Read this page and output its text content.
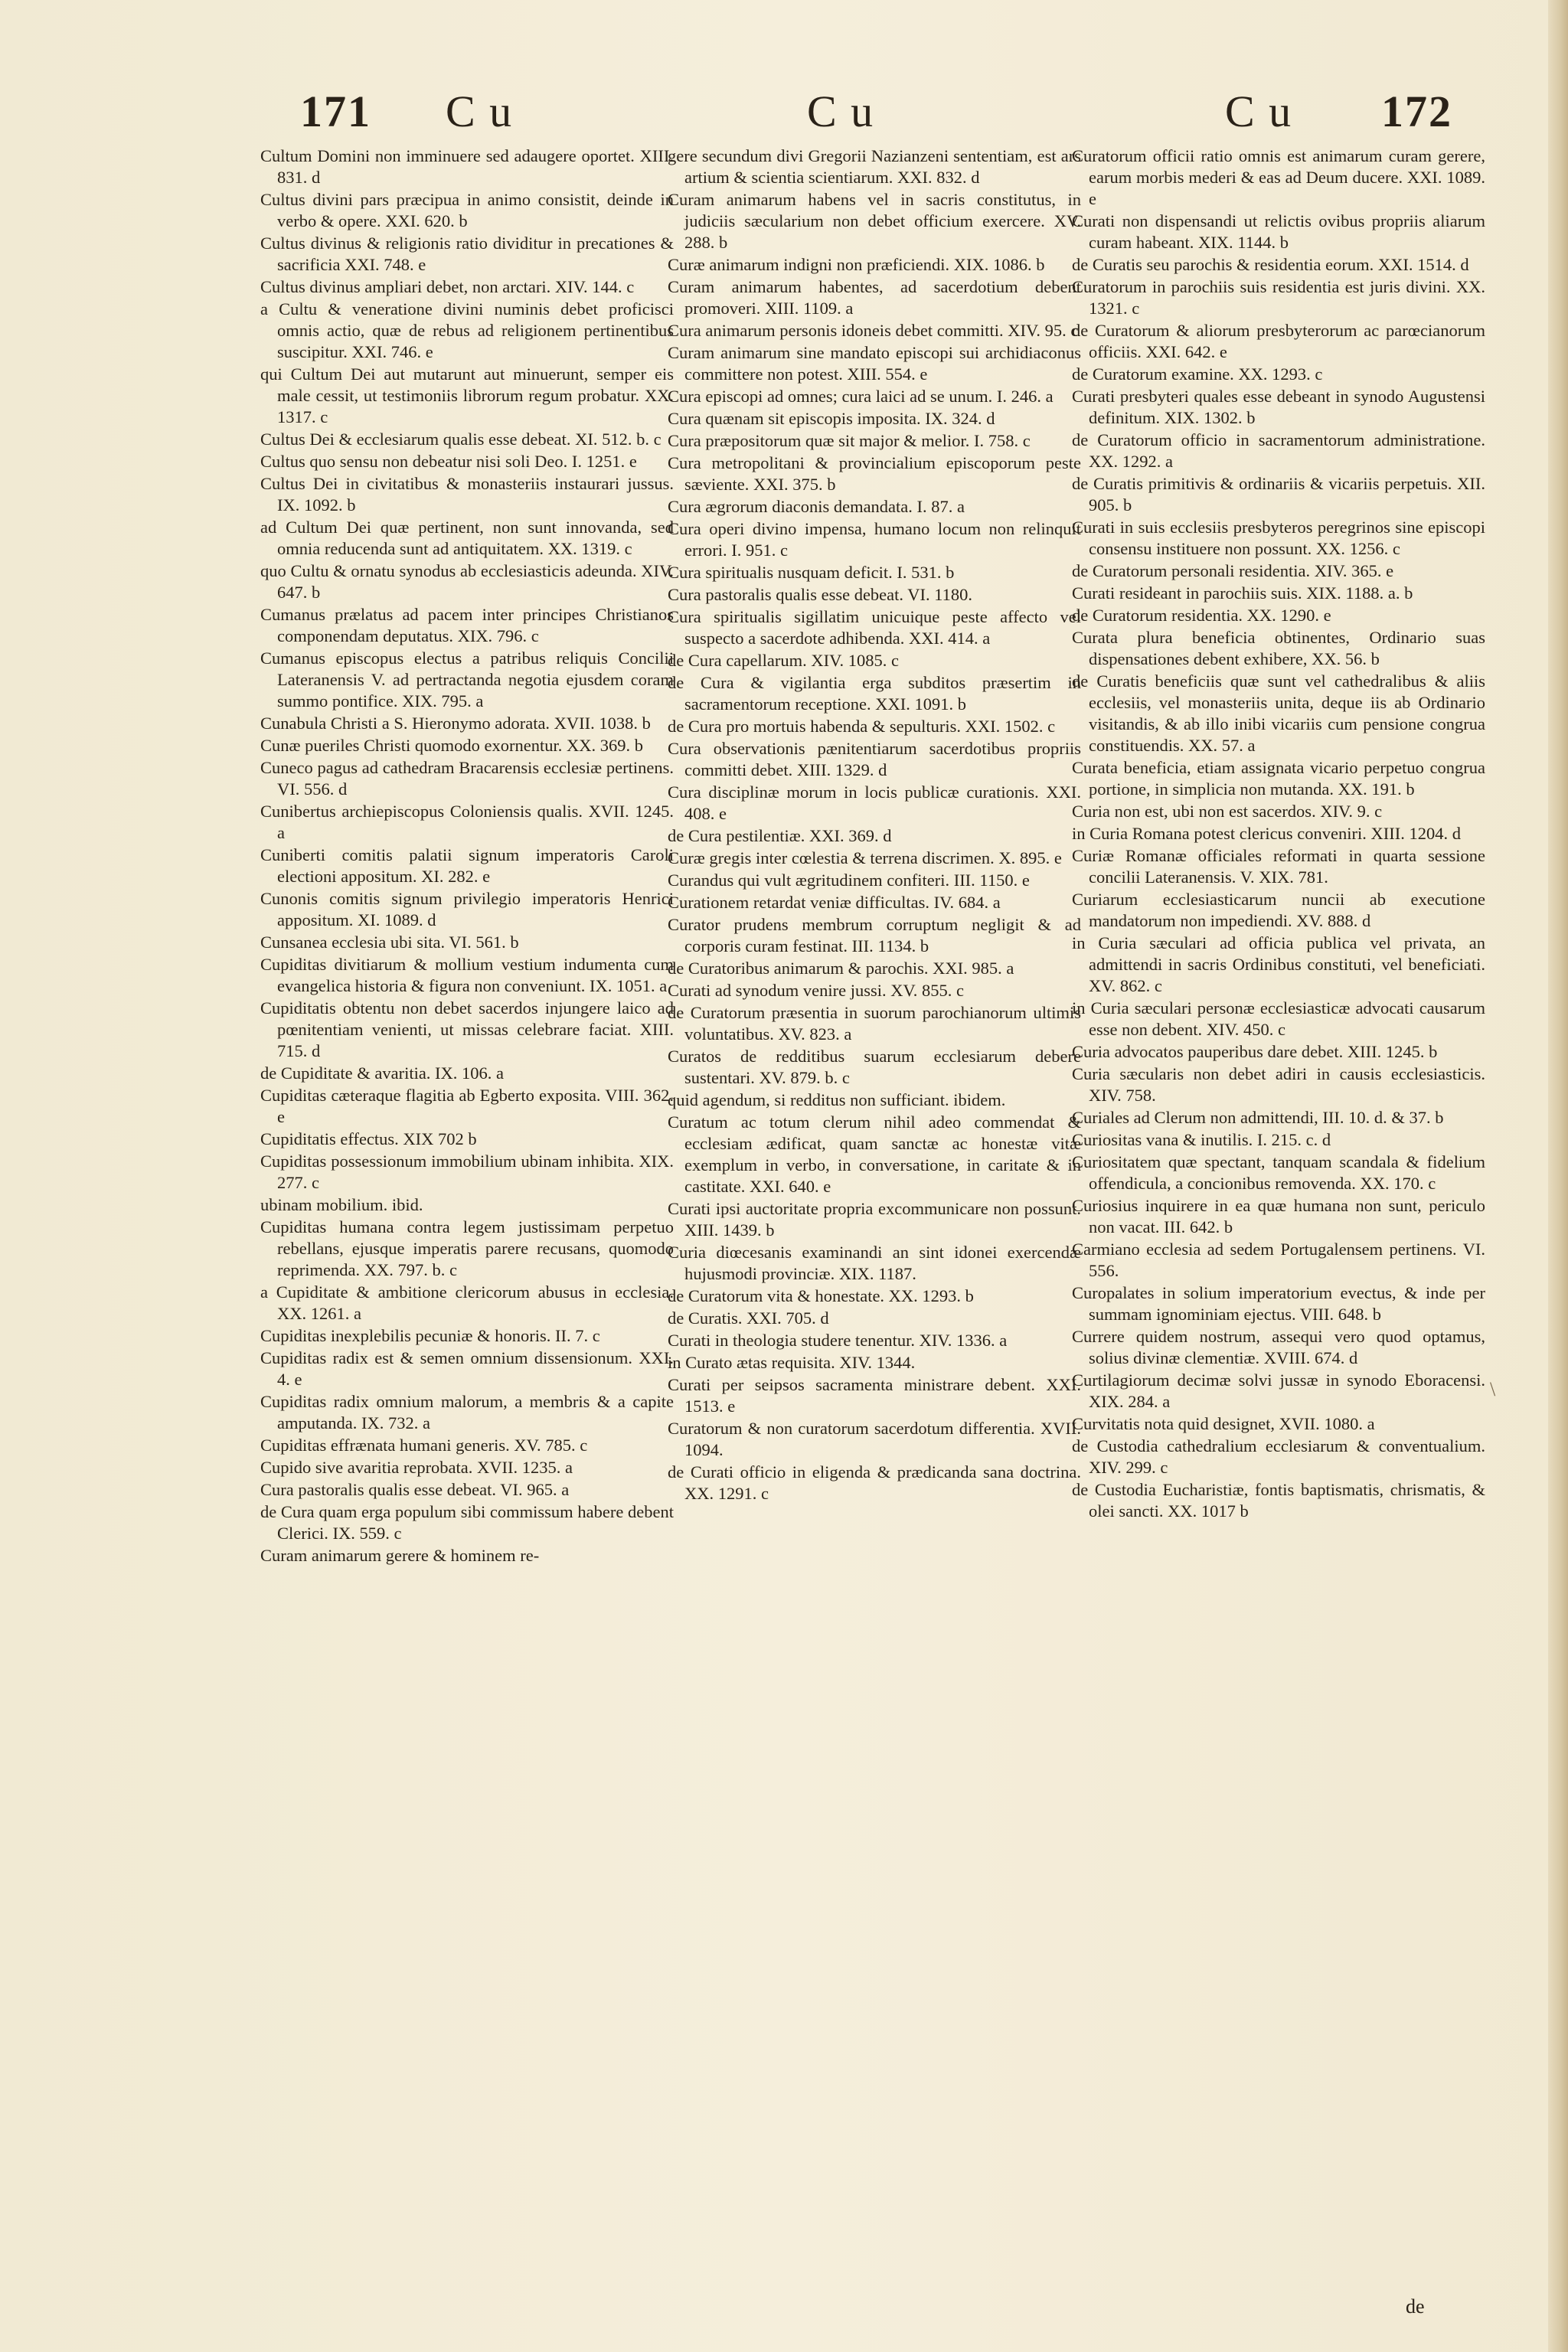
171 C u	C u	C u 172

Cultum Domini non imminuere sed adaugere oportet. XIII. 831. d

Cultus divini pars præcipua in animo consistit, deinde in verbo & opere. XXI. 620. b

Cultus divinus & religionis ratio dividitur in precationes & sacrificia XXI. 748. e

Cultus divinus ampliari debet, non arctari. XIV. 144. c

a Cultu & veneratione divini numinis debet proficisci omnis actio, quæ de rebus ad religionem pertinentibus suscipitur. XXI. 746. e

qui Cultum Dei aut mutarunt aut minuerunt, semper eis male cessit, ut testimoniis librorum regum probatur. XX. 1317. c

Cultus Dei & ecclesiarum qualis esse debeat. XI. 512. b. c

Cultus quo sensu non debeatur nisi soli Deo. I. 1251. e

Cultus Dei in civitatibus & monasteriis instaurari jussus. IX. 1092. b

ad Cultum Dei quæ pertinent, non sunt innovanda, sed omnia reducenda sunt ad antiquitatem. XX. 1319. c

quo Cultu & ornatu synodus ab ecclesiasticis adeunda. XIV. 647. b

Cumanus prælatus ad pacem inter principes Christianos componendam deputatus. XIX. 796. c

Cumanus episcopus electus a patribus reliquis Concilii Lateranensis V. ad pertractanda negotia ejusdem coram summo pontifice. XIX. 795. a

Cunabula Christi a S. Hieronymo adorata. XVII. 1038. b

Cunæ pueriles Christi quomodo exornentur. XX. 369. b

Cuneco pagus ad cathedram Bracarensis ecclesiæ pertinens. VI. 556. d

Cunibertus archiepiscopus Coloniensis qualis. XVII. 1245. a

Cuniberti comitis palatii signum imperatoris Caroli electioni appositum. XI. 282. e

Cunonis comitis signum privilegio imperatoris Henrici appositum. XI. 1089. d

Cunsanea ecclesia ubi sita. VI. 561. b

Cupiditas divitiarum & mollium vestium indumenta cum evangelica historia & figura non conveniunt. IX. 1051. a

Cupiditatis obtentu non debet sacerdos injungere laico ad pœnitentiam venienti, ut missas celebrare faciat. XIII. 715. d

de Cupiditate & avaritia. IX. 106. a

Cupiditas cæteraque flagitia ab Egberto exposita. VIII. 362. e

Cupiditatis effectus. XIX 702 b

Cupiditas possessionum immobilium ubinam inhibita. XIX. 277. c

ubinam mobilium. ibid.

Cupiditas humana contra legem justissimam perpetuo rebellans, ejusque imperatis parere recusans, quomodo reprimenda. XX. 797. b. c

a Cupiditate & ambitione clericorum abusus in ecclesia. XX. 1261. a

Cupiditas inexplebilis pecuniæ & honoris. II. 7. c

Cupiditas radix est & semen omnium dissensionum. XXI. 4. e

Cupiditas radix omnium malorum, a membris & a capite amputanda. IX. 732. a

Cupiditas effrænata humani generis. XV. 785. c

Cupido sive avaritia reprobata. XVII. 1235. a

Cura pastoralis qualis esse debeat. VI. 965. a

de Cura quam erga populum sibi commissum habere debent Clerici. IX. 559. c

Curam animarum gerere & hominem re-

gere secundum divi Gregorii Nazianzeni sententiam, est ars artium & scientia scientiarum. XXI. 832. d

Curam animarum habens vel in sacris constitutus, in judiciis sæcularium non debet officium exercere. XV. 288. b

Curæ animarum indigni non præficiendi. XIX. 1086. b

Curam animarum habentes, ad sacerdotium debent promoveri. XIII. 1109. a

Cura animarum personis idoneis debet committi. XIV. 95. c

Curam animarum sine mandato episcopi sui archidiaconus committere non potest. XIII. 554. e

Cura episcopi ad omnes; cura laici ad se unum. I. 246. a

Cura quænam sit episcopis imposita. IX. 324. d

Cura præpositorum quæ sit major & melior. I. 758. c

Cura metropolitani & provincialium episcoporum peste sæviente. XXI. 375. b

Cura ægrorum diaconis demandata. I. 87. a

Cura operi divino impensa, humano locum non relinquit errori. I. 951. c

Cura spiritualis nusquam deficit. I. 531. b

Cura pastoralis qualis esse debeat. VI. 1180.

Cura spiritualis sigillatim unicuique peste affecto vel suspecto a sacerdote adhibenda. XXI. 414. a

de Cura capellarum. XIV. 1085. c

de Cura & vigilantia erga subditos præsertim in sacramentorum receptione. XXI. 1091. b

de Cura pro mortuis habenda & sepulturis. XXI. 1502. c

Cura observationis pænitentiarum sacerdotibus propriis committi debet. XIII. 1329. d

Cura disciplinæ morum in locis publicæ curationis. XXI. 408. e

de Cura pestilentiæ. XXI. 369. d

Curæ gregis inter cœlestia & terrena discrimen. X. 895. e

Curandus qui vult ægritudinem confiteri. III. 1150. e

Curationem retardat veniæ difficultas. IV. 684. a

Curator prudens membrum corruptum negligit & ad corporis curam festinat. III. 1134. b

de Curatoribus animarum & parochis. XXI. 985. a

Curati ad synodum venire jussi. XV. 855. c

de Curatorum præsentia in suorum parochianorum ultimis voluntatibus. XV. 823. a

Curatos de redditibus suarum ecclesiarum debere sustentari. XV. 879. b. c

quid agendum, si redditus non sufficiant. ibidem.

Curatum ac totum clerum nihil adeo commendat & ecclesiam ædificat, quam sanctæ ac honestæ vitæ exemplum in verbo, in conversatione, in caritate & in castitate. XXI. 640. e

Curati ipsi auctoritate propria excommunicare non possunt. XIII. 1439. b

Curia diœcesanis examinandi an sint idonei exercendæ hujusmodi provinciæ. XIX. 1187.

de Curatorum vita & honestate. XX. 1293. b

de Curatis. XXI. 705. d

Curati in theologia studere tenentur. XIV. 1336. a

in Curato ætas requisita. XIV. 1344.

Curati per seipsos sacramenta ministrare debent. XXI. 1513. e

Curatorum & non curatorum sacerdotum differentia. XVII. 1094.

de Curati officio in eligenda & prædicanda sana doctrina. XX. 1291. c

Curatorum officii ratio omnis est animarum curam gerere, earum morbis mederi & eas ad Deum ducere. XXI. 1089. e

Curati non dispensandi ut relictis ovibus propriis aliarum curam habeant. XIX. 1144. b

de Curatis seu parochis & residentia eorum. XXI. 1514. d

Curatorum in parochiis suis residentia est juris divini. XX. 1321. c

de Curatorum & aliorum presbyterorum ac parœcianorum officiis. XXI. 642. e

de Curatorum examine. XX. 1293. c

Curati presbyteri quales esse debeant in synodo Augustensi definitum. XIX. 1302. b

de Curatorum officio in sacramentorum administratione. XX. 1292. a

de Curatis primitivis & ordinariis & vicariis perpetuis. XII. 905. b

Curati in suis ecclesiis presbyteros peregrinos sine episcopi consensu instituere non possunt. XX. 1256. c

de Curatorum personali residentia. XIV. 365. e

Curati resideant in parochiis suis. XIX. 1188. a. b

de Curatorum residentia. XX. 1290. e

Curata plura beneficia obtinentes, Ordinario suas dispensationes debent exhibere, XX. 56. b

de Curatis beneficiis quæ sunt vel cathedralibus & aliis ecclesiis, vel monasteriis unita, deque iis ab Ordinario visitandis, & ab illo inibi vicariis cum pensione congrua constituendis. XX. 57. a

Curata beneficia, etiam assignata vicario perpetuo congrua portione, in simplicia non mutanda. XX. 191. b

Curia non est, ubi non est sacerdos. XIV. 9. c

in Curia Romana potest clericus conveniri. XIII. 1204. d

Curiæ Romanæ officiales reformati in quarta sessione concilii Lateranensis. V. XIX. 781.

Curiarum ecclesiasticarum nuncii ab executione mandatorum non impediendi. XV. 888. d

in Curia sæculari ad officia publica vel privata, an admittendi in sacris Ordinibus constituti, vel beneficiati. XV. 862. c

in Curia sæculari personæ ecclesiasticæ advocati causarum esse non debent. XIV. 450. c

Curia advocatos pauperibus dare debet. XIII. 1245. b

Curia sæcularis non debet adiri in causis ecclesiasticis. XIV. 758.

Curiales ad Clerum non admittendi, III. 10. d. & 37. b

Curiositas vana & inutilis. I. 215. c. d

Curiositatem quæ spectant, tanquam scandala & fidelium offendicula, a concionibus removenda. XX. 170. c

Curiosius inquirere in ea quæ humana non sunt, periculo non vacat. III. 642. b

Carmiano ecclesia ad sedem Portugalensem pertinens. VI. 556.

Curopalates in solium imperatorium evectus, & inde per summam ignominiam ejectus. VIII. 648. b

Currere quidem nostrum, assequi vero quod optamus, solius divinæ clementiæ. XVIII. 674. d

Curtilagiorum decimæ solvi jussæ in synodo Eboracensi. XIX. 284. a

Curvitatis nota quid designet, XVII. 1080. a

de Custodia cathedralium ecclesiarum & conventualium. XIV. 299. c

de Custodia Eucharistiæ, fontis baptismatis, chrismatis, & olei sancti. XX. 1017 b

\
de
